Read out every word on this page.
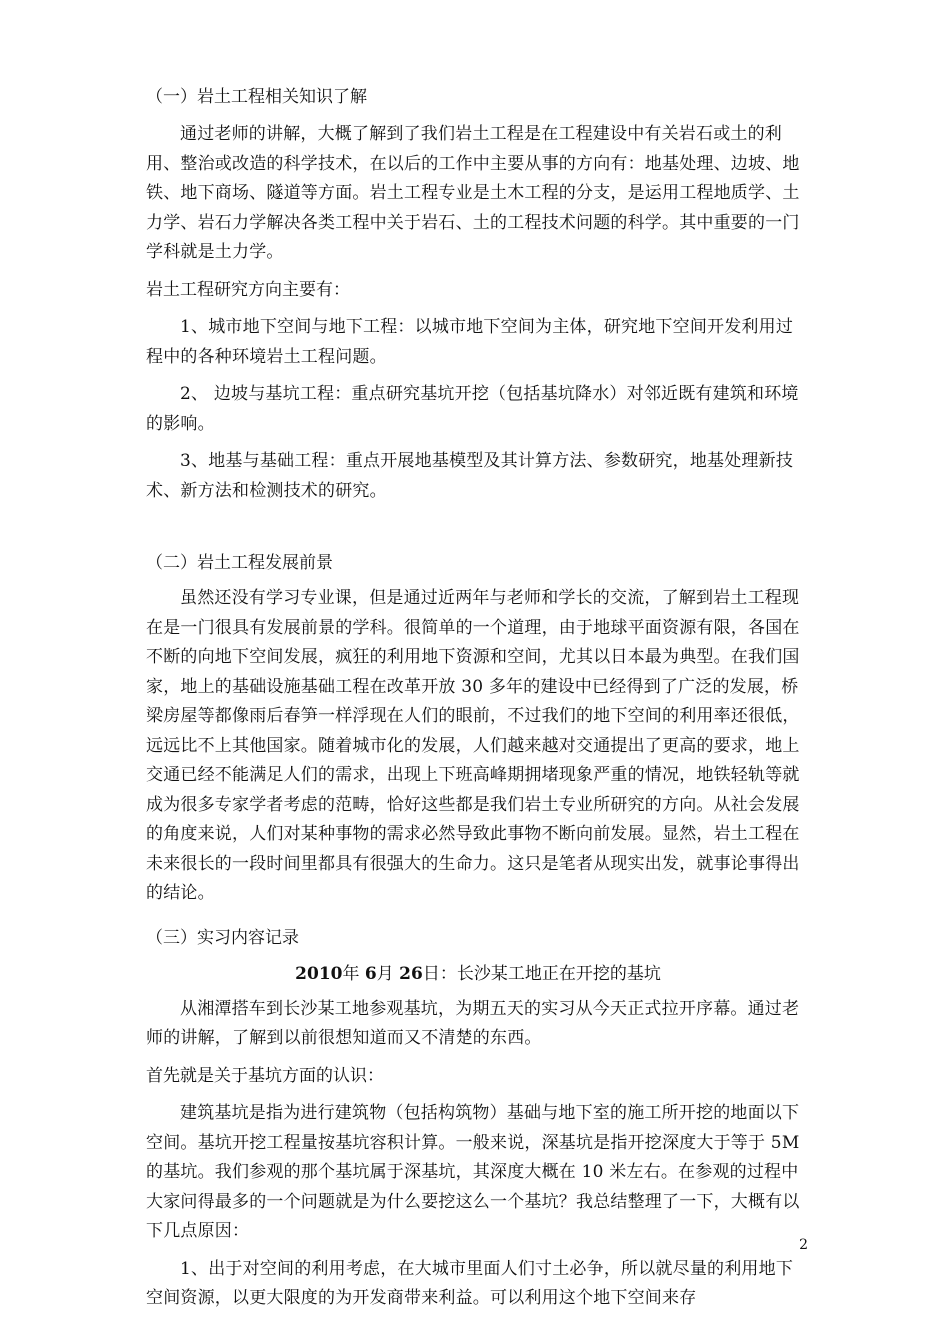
（一）岩土工程相关知识了解

通过老师的讲解，大概了解到了我们岩土工程是在工程建设中有关岩石或土的利用、整治或改造的科学技术，在以后的工作中主要从事的方向有：地基处理、边坡、地铁、地下商场、隧道等方面。岩土工程专业是土木工程的分支，是运用工程地质学、土力学、岩石力学解决各类工程中关于岩石、土的工程技术问题的科学。其中重要的一门学科就是土力学。

岩土工程研究方向主要有：

1、城市地下空间与地下工程：以城市地下空间为主体，研究地下空间开发利用过程中的各种环境岩土工程问题。

2、 边坡与基坑工程：重点研究基坑开挖（包括基坑降水）对邻近既有建筑和环境的影响。

3、地基与基础工程：重点开展地基模型及其计算方法、参数研究，地基处理新技术、新方法和检测技术的研究。

（二）岩土工程发展前景

虽然还没有学习专业课，但是通过近两年与老师和学长的交流，了解到岩土工程现在是一门很具有发展前景的学科。很简单的一个道理，由于地球平面资源有限，各国在不断的向地下空间发展，疯狂的利用地下资源和空间，尤其以日本最为典型。在我们国家，地上的基础设施基础工程在改革开放 30 多年的建设中已经得到了广泛的发展，桥梁房屋等都像雨后春笋一样浮现在人们的眼前，不过我们的地下空间的利用率还很低，远远比不上其他国家。随着城市化的发展，人们越来越对交通提出了更高的要求，地上交通已经不能满足人们的需求，出现上下班高峰期拥堵现象严重的情况，地铁轻轨等就成为很多专家学者考虑的范畴，恰好这些都是我们岩土专业所研究的方向。从社会发展的角度来说，人们对某种事物的需求必然导致此事物不断向前发展。显然，岩土工程在未来很长的一段时间里都具有很强大的生命力。这只是笔者从现实出发，就事论事得出的结论。

（三）实习内容记录

2010年 6月 26日：长沙某工地正在开挖的基坑

从湘潭搭车到长沙某工地参观基坑，为期五天的实习从今天正式拉开序幕。通过老师的讲解，了解到以前很想知道而又不清楚的东西。

首先就是关于基坑方面的认识：

建筑基坑是指为进行建筑物（包括构筑物）基础与地下室的施工所开挖的地面以下空间。基坑开挖工程量按基坑容积计算。一般来说，深基坑是指开挖深度大于等于 5M 的基坑。我们参观的那个基坑属于深基坑，其深度大概在 10 米左右。在参观的过程中大家问得最多的一个问题就是为什么要挖这么一个基坑？我总结整理了一下，大概有以下几点原因：

1、出于对空间的利用考虑，在大城市里面人们寸土必争，所以就尽量的利用地下空间资源，以更大限度的为开发商带来利益。可以利用这个地下空间来存

2
